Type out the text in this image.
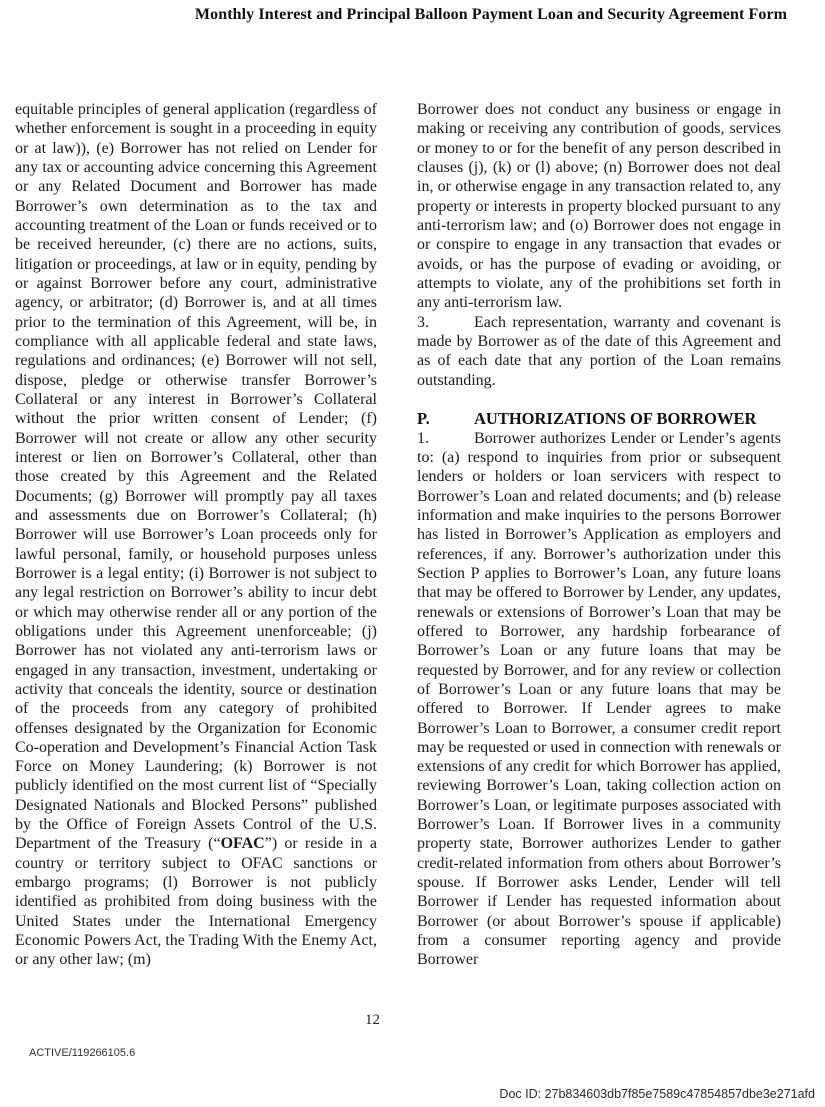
Monthly Interest and Principal Balloon Payment Loan and Security Agreement Form

equitable principles of general application (regardless of whether enforcement is sought in a proceeding in equity or at law)), (e) Borrower has not relied on Lender for any tax or accounting advice concerning this Agreement or any Related Document and Borrower has made Borrower’s own determination as to the tax and accounting treatment of the Loan or funds received or to be received hereunder, (c) there are no actions, suits, litigation or proceedings, at law or in equity, pending by or against Borrower before any court, administrative agency, or arbitrator; (d) Borrower is, and at all times prior to the termination of this Agreement, will be, in compliance with all applicable federal and state laws, regulations and ordinances; (e) Borrower will not sell, dispose, pledge or otherwise transfer Borrower’s Collateral or any interest in Borrower’s Collateral without the prior written consent of Lender; (f) Borrower will not create or allow any other security interest or lien on Borrower’s Collateral, other than those created by this Agreement and the Related Documents; (g) Borrower will promptly pay all taxes and assessments due on Borrower’s Collateral; (h) Borrower will use Borrower’s Loan proceeds only for lawful personal, family, or household purposes unless Borrower is a legal entity; (i) Borrower is not subject to any legal restriction on Borrower’s ability to incur debt or which may otherwise render all or any portion of the obligations under this Agreement unenforceable; (j) Borrower has not violated any anti-terrorism laws or engaged in any transaction, investment, undertaking or activity that conceals the identity, source or destination of the proceeds from any category of prohibited offenses designated by the Organization for Economic Co-operation and Development’s Financial Action Task Force on Money Laundering; (k) Borrower is not publicly identified on the most current list of “Specially Designated Nationals and Blocked Persons” published by the Office of Foreign Assets Control of the U.S. Department of the Treasury (“OFAC”) or reside in a country or territory subject to OFAC sanctions or embargo programs; (l) Borrower is not publicly identified as prohibited from doing business with the United States under the International Emergency Economic Powers Act, the Trading With the Enemy Act, or any other law; (m)

Borrower does not conduct any business or engage in making or receiving any contribution of goods, services or money to or for the benefit of any person described in clauses (j), (k) or (l) above; (n) Borrower does not deal in, or otherwise engage in any transaction related to, any property or interests in property blocked pursuant to any anti-terrorism law; and (o) Borrower does not engage in or conspire to engage in any transaction that evades or avoids, or has the purpose of evading or avoiding, or attempts to violate, any of the prohibitions set forth in any anti-terrorism law.

3.	Each representation, warranty and covenant is made by Borrower as of the date of this Agreement and as of each date that any portion of the Loan remains outstanding.

P.	AUTHORIZATIONS OF BORROWER

1.	Borrower authorizes Lender or Lender’s agents to: (a) respond to inquiries from prior or subsequent lenders or holders or loan servicers with respect to Borrower’s Loan and related documents; and (b) release information and make inquiries to the persons Borrower has listed in Borrower’s Application as employers and references, if any. Borrower’s authorization under this Section P applies to Borrower’s Loan, any future loans that may be offered to Borrower by Lender, any updates, renewals or extensions of Borrower’s Loan that may be offered to Borrower, any hardship forbearance of Borrower’s Loan or any future loans that may be requested by Borrower, and for any review or collection of Borrower’s Loan or any future loans that may be offered to Borrower. If Lender agrees to make Borrower’s Loan to Borrower, a consumer credit report may be requested or used in connection with renewals or extensions of any credit for which Borrower has applied, reviewing Borrower’s Loan, taking collection action on Borrower’s Loan, or legitimate purposes associated with Borrower’s Loan. If Borrower lives in a community property state, Borrower authorizes Lender to gather credit-related information from others about Borrower’s spouse. If Borrower asks Lender, Lender will tell Borrower if Lender has requested information about Borrower (or about Borrower’s spouse if applicable) from a consumer reporting agency and provide Borrower

12
ACTIVE/119266105.6
Doc ID: 27b834603db7f85e7589c47854857dbe3e271afd
